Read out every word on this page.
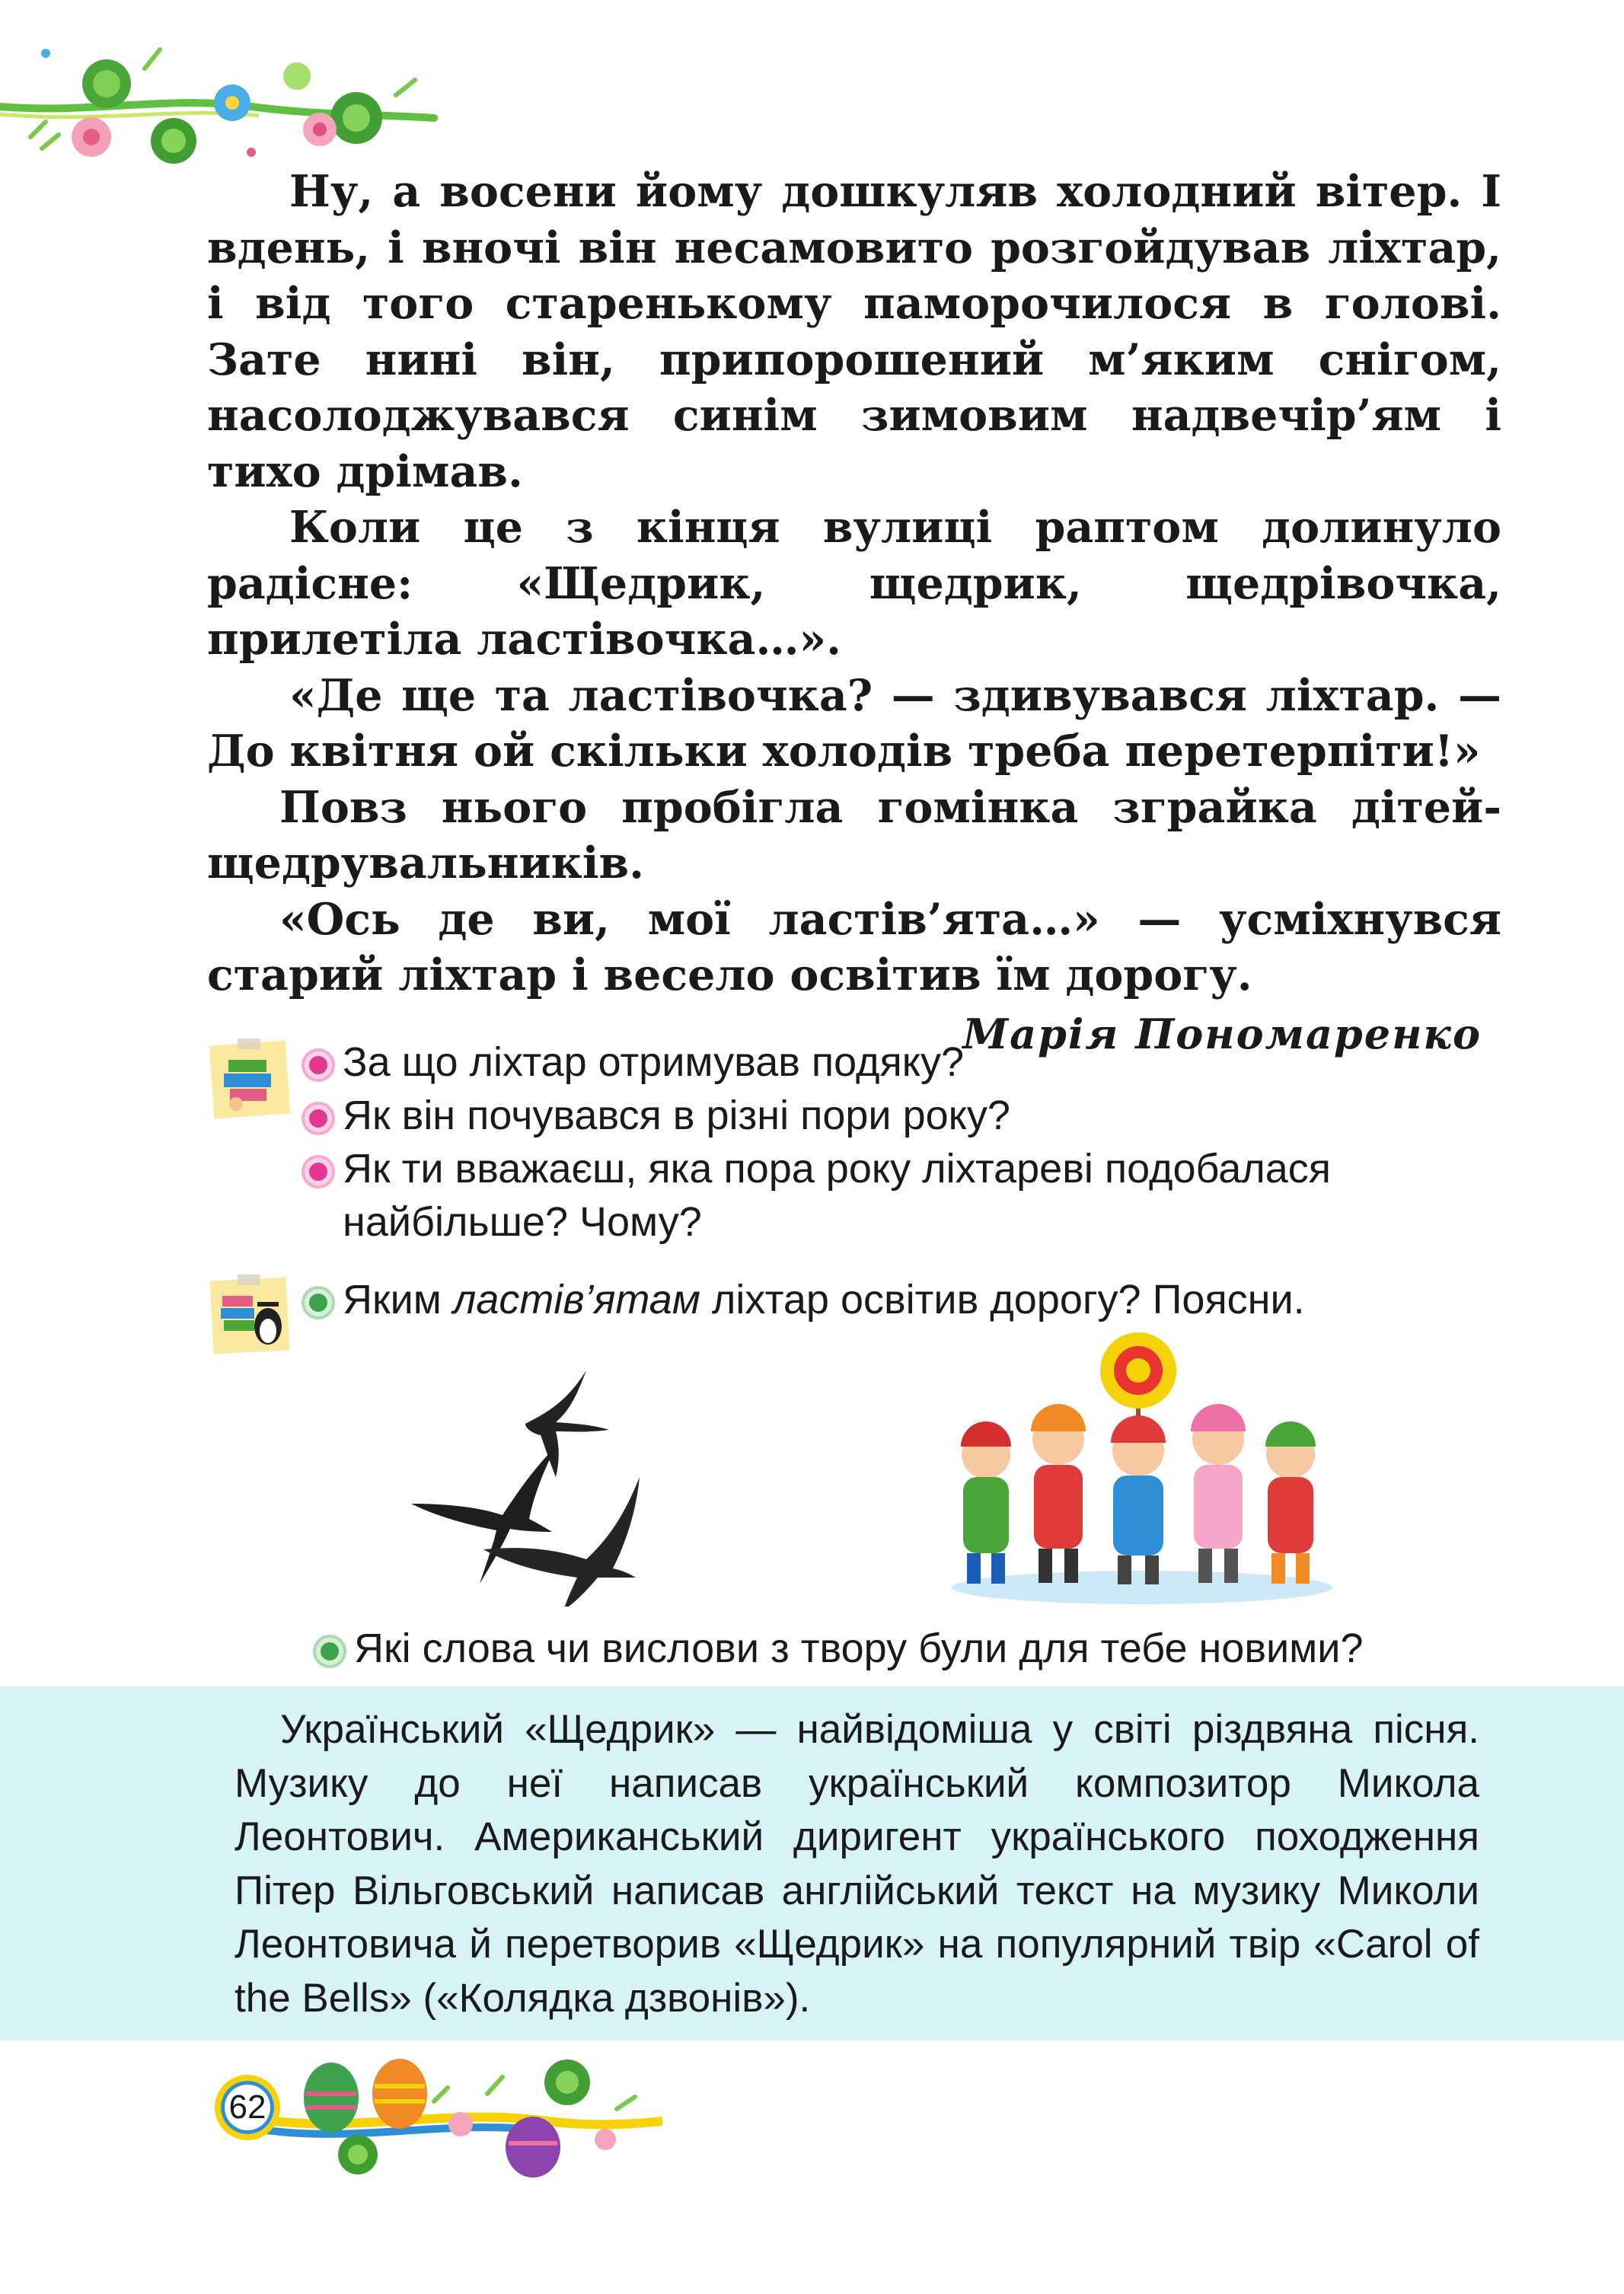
Ну, а восени йому дошкуляв холодний вітер. І вдень, і вночі він несамовито розгойдував ліхтар, і від того старенькому паморочилося в голові. Зате нині він, припорошений м’яким снігом, насолоджувався синім зимовим надвечір’ям і тихо дрімав.

Коли це з кінця вулиці раптом долинуло радісне: «Щедрик, щедрик, щедрівочка, прилетіла ластівочка…».

«Де ще та ластівочка? — здивувався ліхтар. — До квітня ой скільки холодів треба перетерпіти!»

Повз нього пробігла гомінка зграйка дітей-щедрувальників.

«Ось де ви, мої ластів’ята…» — усміхнувся старий ліхтар і весело освітив їм дорогу.

Марія Пономаренко
За що ліхтар отримував подяку?
Як він почувався в різні пори року?
Як ти вважаєш, яка пора року ліхтареві подобалася найбільше? Чому?
Яким ластів’ятам ліхтар освітив дорогу? Поясни.
Які слова чи вислови з твору були для тебе новими?
Український «Щедрик» — найвідоміша у світі різдвяна пісня. Музику до неї написав український композитор Микола Леонтович. Американський диригент українського походження Пітер Вільговський написав англійський текст на музику Миколи Леонтовича й перетворив «Щедрик» на популярний твір «Carol of the Bells» («Колядка дзвонів»).
62
